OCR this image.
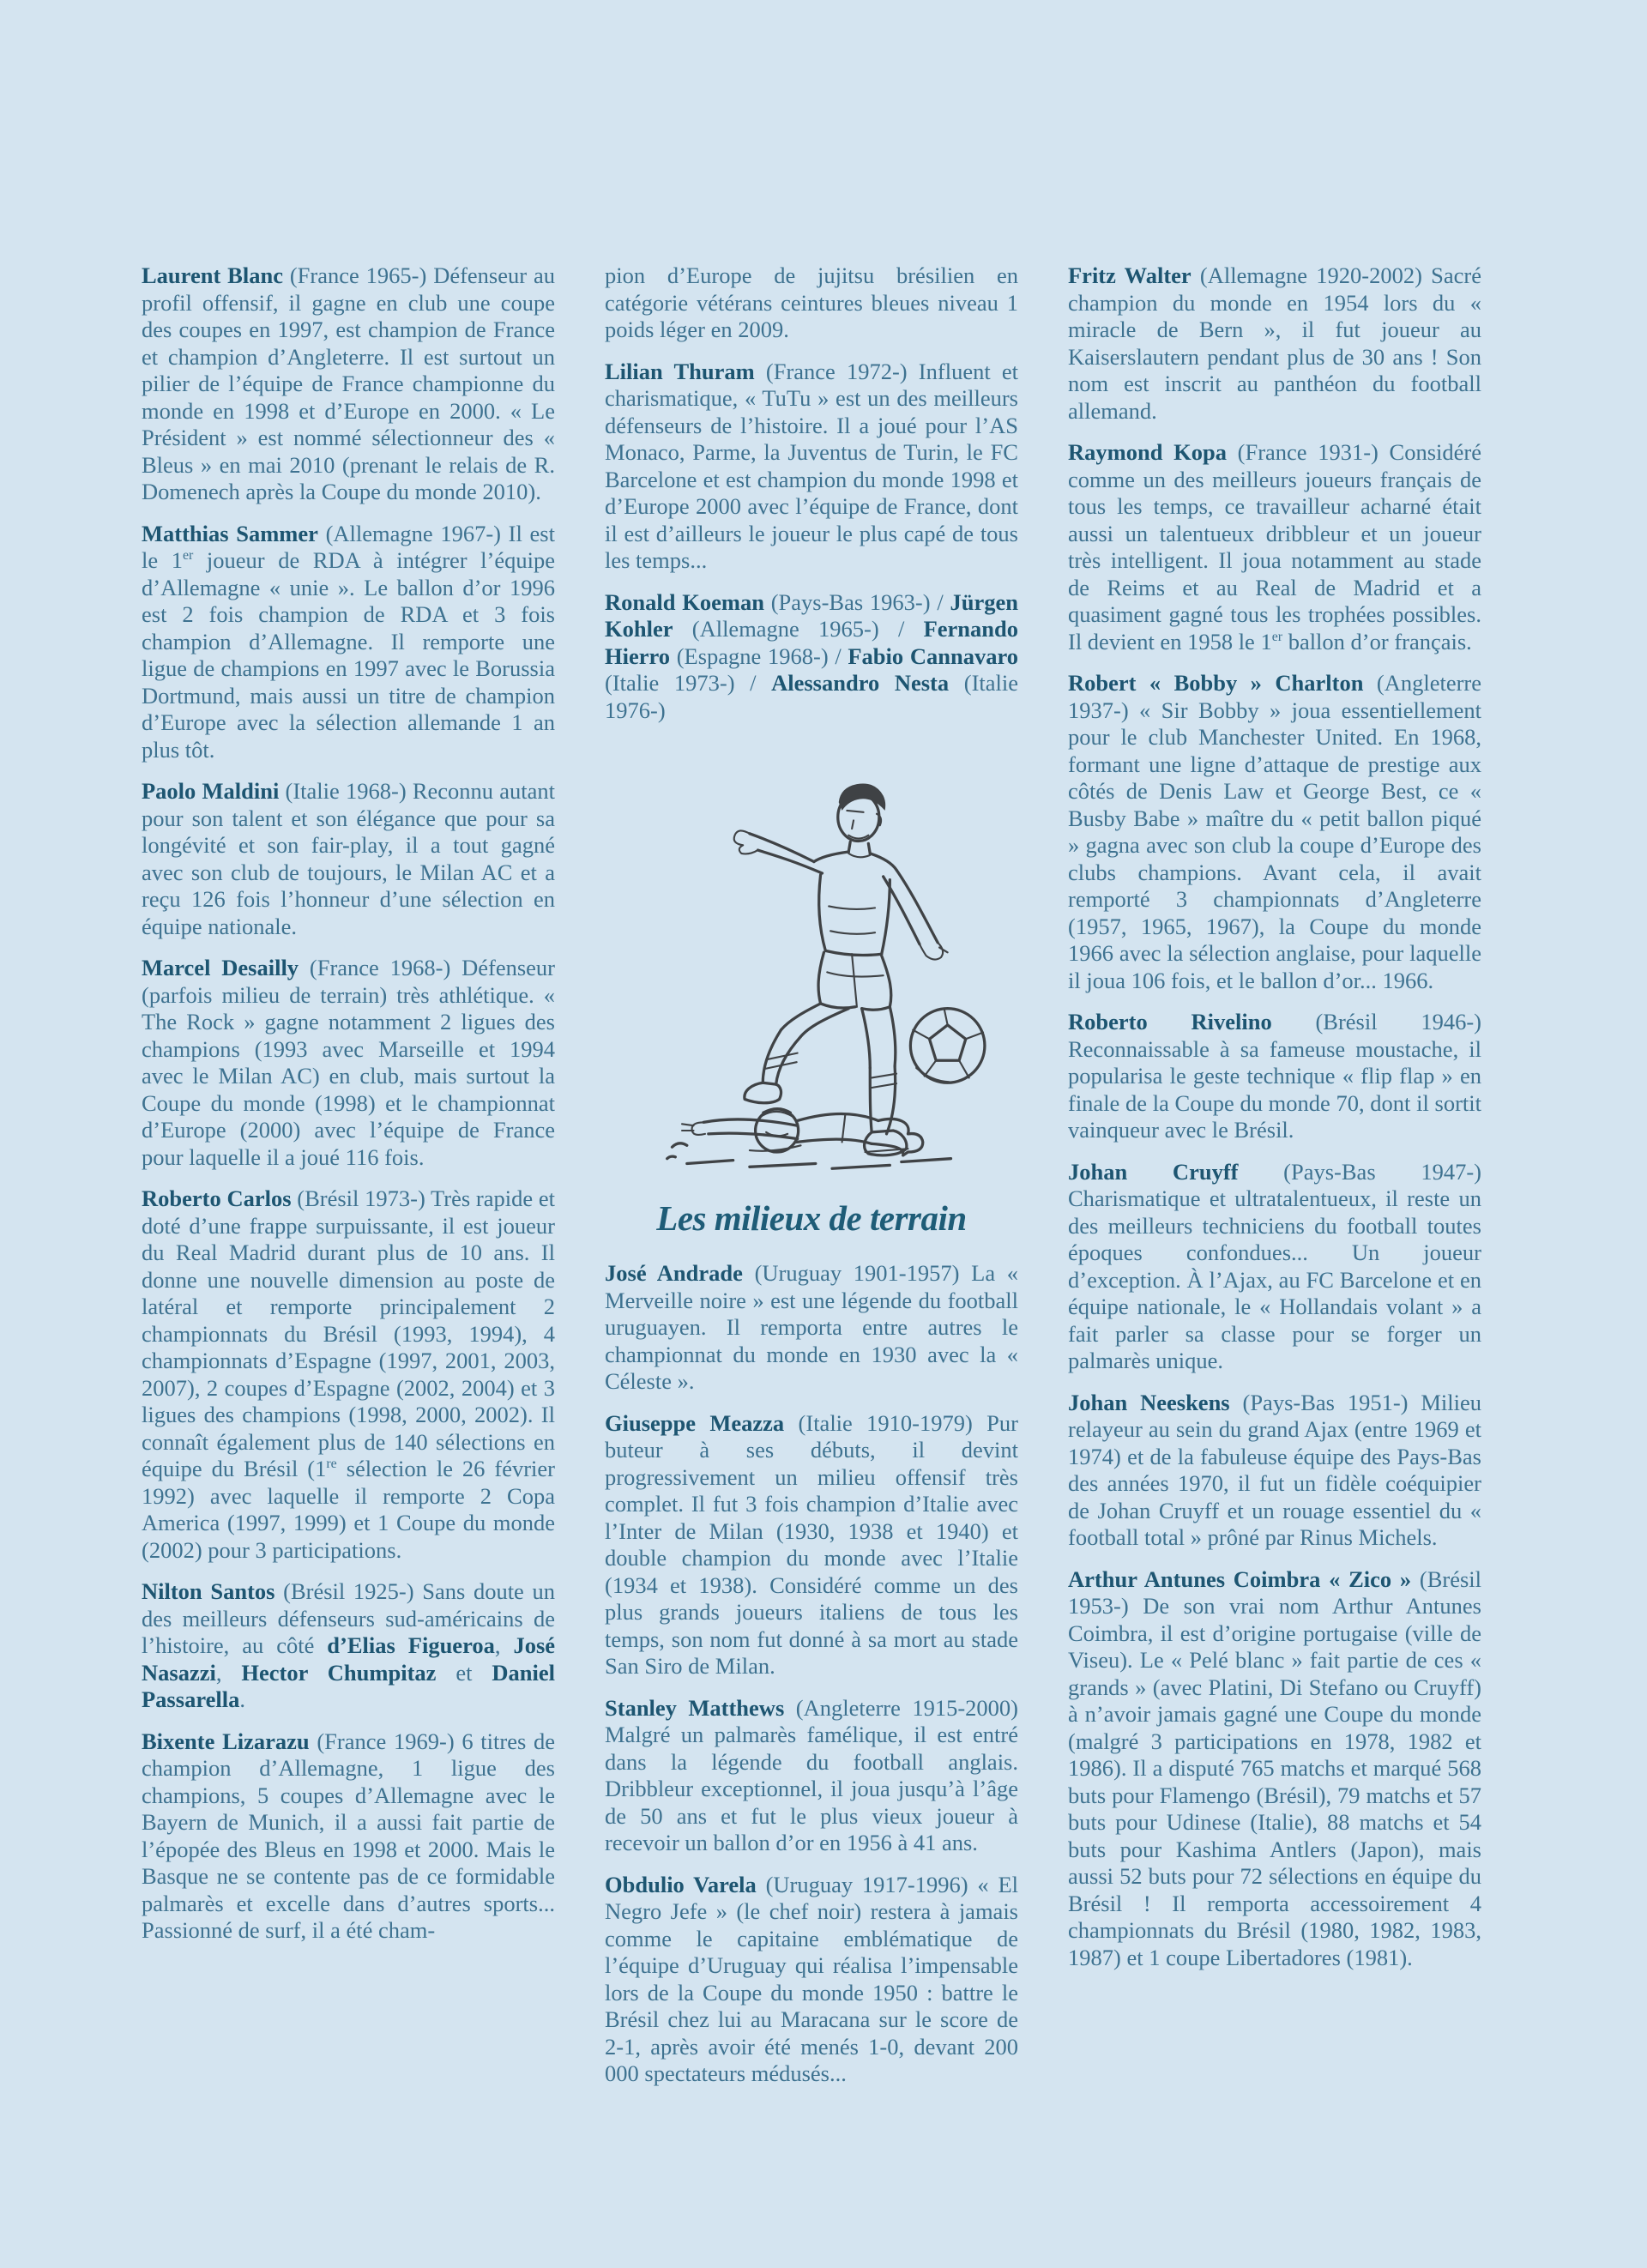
Laurent Blanc (France 1965-) Défenseur au profil offensif, il gagne en club une coupe des coupes en 1997, est champion de France et champion d’Angleterre. Il est surtout un pilier de l’équipe de France championne du monde en 1998 et d’Europe en 2000. « Le Président » est nommé sélectionneur des « Bleus » en mai 2010 (prenant le relais de R. Domenech après la Coupe du monde 2010).

Matthias Sammer (Allemagne 1967-) Il est le 1er joueur de RDA à intégrer l’équipe d’Allemagne « unie ». Le ballon d’or 1996 est 2 fois champion de RDA et 3 fois champion d’Allemagne. Il remporte une ligue de champions en 1997 avec le Borussia Dortmund, mais aussi un titre de champion d’Europe avec la sélection allemande 1 an plus tôt.

Paolo Maldini (Italie 1968-) Reconnu autant pour son talent et son élégance que pour sa longévité et son fair-play, il a tout gagné avec son club de toujours, le Milan AC et a reçu 126 fois l’honneur d’une sélection en équipe nationale.

Marcel Desailly (France 1968-) Défenseur (parfois milieu de terrain) très athlétique. « The Rock » gagne notamment 2 ligues des champions (1993 avec Marseille et 1994 avec le Milan AC) en club, mais surtout la Coupe du monde (1998) et le championnat d’Europe (2000) avec l’équipe de France pour laquelle il a joué 116 fois.

Roberto Carlos (Brésil 1973-) Très rapide et doté d’une frappe surpuissante, il est joueur du Real Madrid durant plus de 10 ans. Il donne une nouvelle dimension au poste de latéral et remporte principalement 2 championnats du Brésil (1993, 1994), 4 championnats d’Espagne (1997, 2001, 2003, 2007), 2 coupes d’Espagne (2002, 2004) et 3 ligues des champions (1998, 2000, 2002). Il connaît également plus de 140 sélections en équipe du Brésil (1re sélection le 26 février 1992) avec laquelle il remporte 2 Copa America (1997, 1999) et 1 Coupe du monde (2002) pour 3 participations.

Nilton Santos (Brésil 1925-) Sans doute un des meilleurs défenseurs sud-américains de l’histoire, au côté d’Elias Figueroa, José Nasazzi, Hector Chumpitaz et Daniel Passarella.

Bixente Lizarazu (France 1969-) 6 titres de champion d’Allemagne, 1 ligue des champions, 5 coupes d’Allemagne avec le Bayern de Munich, il a aussi fait partie de l’épopée des Bleus en 1998 et 2000. Mais le Basque ne se contente pas de ce formidable palmarès et excelle dans d’autres sports... Passionné de surf, il a été cham-

pion d’Europe de jujitsu brésilien en catégorie vétérans ceintures bleues niveau 1 poids léger en 2009.

Lilian Thuram (France 1972-) Influent et charismatique, « TuTu » est un des meilleurs défenseurs de l’histoire. Il a joué pour l’AS Monaco, Parme, la Juventus de Turin, le FC Barcelone et est champion du monde 1998 et d’Europe 2000 avec l’équipe de France, dont il est d’ailleurs le joueur le plus capé de tous les temps...

Ronald Koeman (Pays-Bas 1963-) / Jürgen Kohler (Allemagne 1965-) / Fernando Hierro (Espagne 1968-) / Fabio Cannavaro (Italie 1973-) / Alessandro Nesta (Italie 1976-)

Les milieux de terrain

José Andrade (Uruguay 1901-1957) La « Merveille noire » est une légende du football uruguayen. Il remporta entre autres le championnat du monde en 1930 avec la « Céleste ».

Giuseppe Meazza (Italie 1910-1979) Pur buteur à ses débuts, il devint progressivement un milieu offensif très complet. Il fut 3 fois champion d’Italie avec l’Inter de Milan (1930, 1938 et 1940) et double champion du monde avec l’Italie (1934 et 1938). Considéré comme un des plus grands joueurs italiens de tous les temps, son nom fut donné à sa mort au stade San Siro de Milan.

Stanley Matthews (Angleterre 1915-2000) Malgré un palmarès famélique, il est entré dans la légende du football anglais. Dribbleur exceptionnel, il joua jusqu’à l’âge de 50 ans et fut le plus vieux joueur à recevoir un ballon d’or en 1956 à 41 ans.

Obdulio Varela (Uruguay 1917-1996) « El Negro Jefe » (le chef noir) restera à jamais comme le capitaine emblématique de l’équipe d’Uruguay qui réalisa l’impensable lors de la Coupe du monde 1950 : battre le Brésil chez lui au Maracana sur le score de 2-1, après avoir été menés 1-0, devant 200 000 spectateurs médusés...

Fritz Walter (Allemagne 1920-2002) Sacré champion du monde en 1954 lors du « miracle de Bern », il fut joueur au Kaiserslautern pendant plus de 30 ans ! Son nom est inscrit au panthéon du football allemand.

Raymond Kopa (France 1931-) Considéré comme un des meilleurs joueurs français de tous les temps, ce travailleur acharné était aussi un talentueux dribbleur et un joueur très intelligent. Il joua notamment au stade de Reims et au Real de Madrid et a quasiment gagné tous les trophées possibles. Il devient en 1958 le 1er ballon d’or français.

Robert « Bobby » Charlton (Angleterre 1937-) « Sir Bobby » joua essentiellement pour le club Manchester United. En 1968, formant une ligne d’attaque de prestige aux côtés de Denis Law et George Best, ce « Busby Babe » maître du « petit ballon piqué » gagna avec son club la coupe d’Europe des clubs champions. Avant cela, il avait remporté 3 championnats d’Angleterre (1957, 1965, 1967), la Coupe du monde 1966 avec la sélection anglaise, pour laquelle il joua 106 fois, et le ballon d’or... 1966.

Roberto Rivelino (Brésil 1946-) Reconnaissable à sa fameuse moustache, il popularisa le geste technique « flip flap » en finale de la Coupe du monde 70, dont il sortit vainqueur avec le Brésil.

Johan Cruyff (Pays-Bas 1947-) Charismatique et ultratalentueux, il reste un des meilleurs techniciens du football toutes époques confondues... Un joueur d’exception. À l’Ajax, au FC Barcelone et en équipe nationale, le « Hollandais volant » a fait parler sa classe pour se forger un palmarès unique.

Johan Neeskens (Pays-Bas 1951-) Milieu relayeur au sein du grand Ajax (entre 1969 et 1974) et de la fabuleuse équipe des Pays-Bas des années 1970, il fut un fidèle coéquipier de Johan Cruyff et un rouage essentiel du « football total » prôné par Rinus Michels.

Arthur Antunes Coimbra « Zico » (Brésil 1953-) De son vrai nom Arthur Antunes Coimbra, il est d’origine portugaise (ville de Viseu). Le « Pelé blanc » fait partie de ces « grands » (avec Platini, Di Stefano ou Cruyff) à n’avoir jamais gagné une Coupe du monde (malgré 3 participations en 1978, 1982 et 1986). Il a disputé 765 matchs et marqué 568 buts pour Flamengo (Brésil), 79 matchs et 57 buts pour Udinese (Italie), 88 matchs et 54 buts pour Kashima Antlers (Japon), mais aussi 52 buts pour 72 sélections en équipe du Brésil ! Il remporta accessoirement 4 championnats du Brésil (1980, 1982, 1983, 1987) et 1 coupe Libertadores (1981).
